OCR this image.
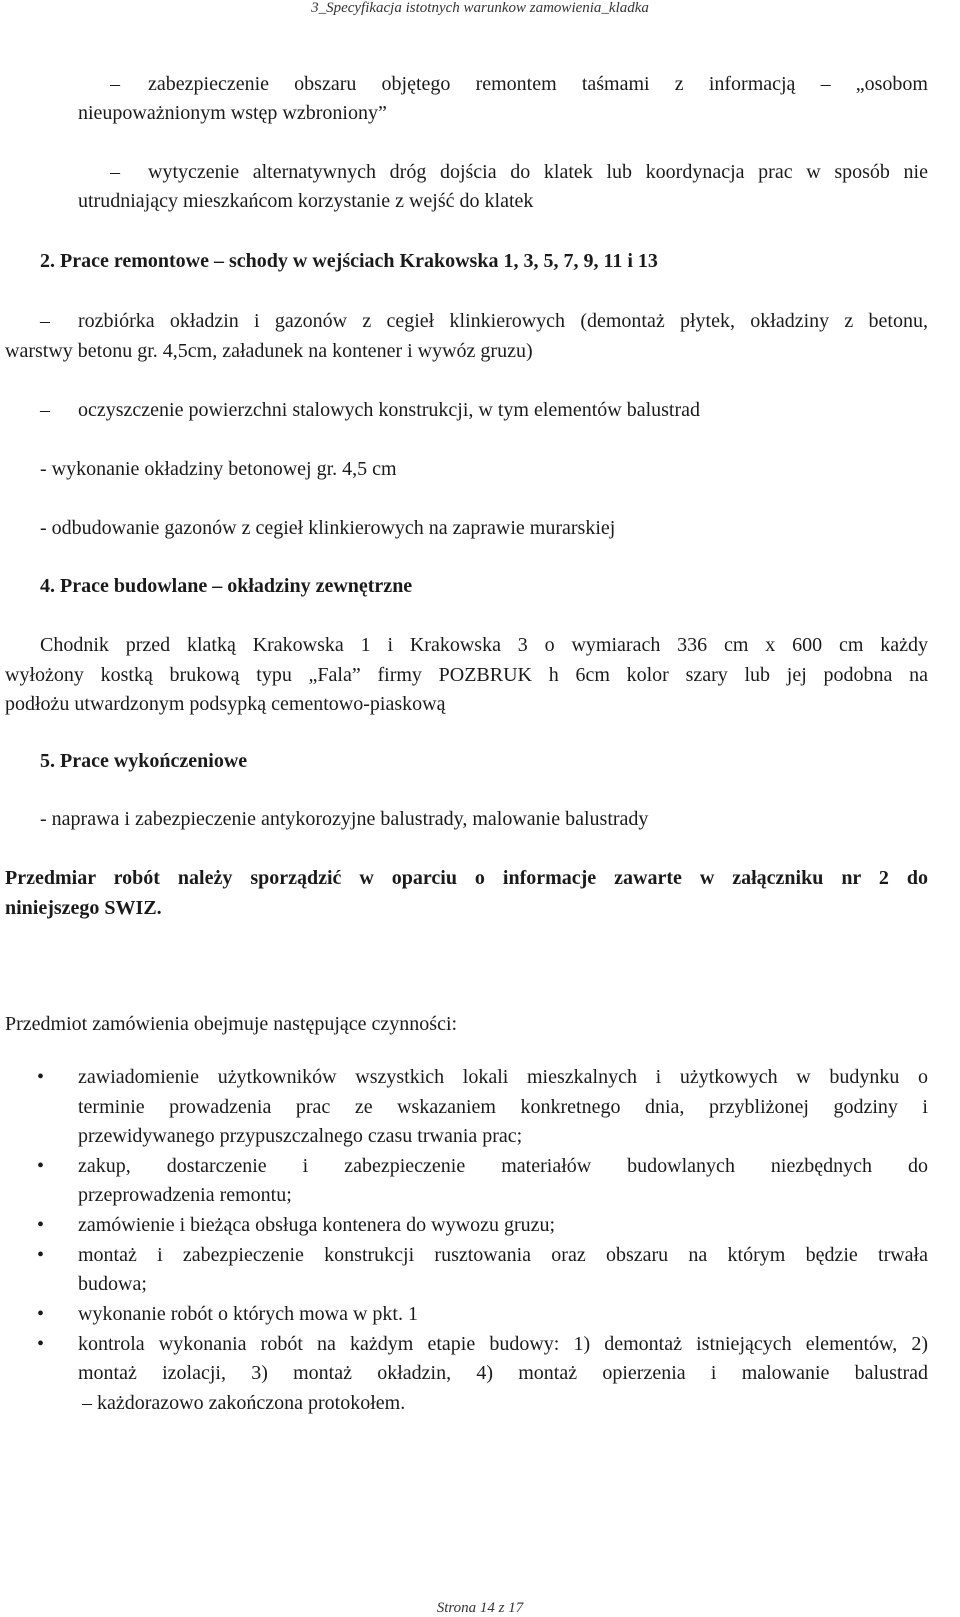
3_Specyfikacja istotnych warunkow zamowienia_kladka
– zabezpieczenie obszaru objętego remontem taśmami z informacją – „osobom
nieupoważnionym wstęp wzbroniony”
– wytyczenie alternatywnych dróg dojścia do klatek lub koordynacja prac w sposób nie
utrudniający mieszkańcom korzystanie z wejść do klatek
2. Prace remontowe – schody w wejściach Krakowska 1, 3, 5, 7, 9, 11 i 13
– rozbiórka okładzin i gazonów z cegieł klinkierowych (demontaż płytek, okładziny z betonu,
warstwy betonu gr. 4,5cm, załadunek na kontener i wywóz gruzu)
– oczyszczenie powierzchni stalowych konstrukcji, w tym elementów balustrad
- wykonanie okładziny betonowej gr. 4,5 cm
- odbudowanie gazonów z cegieł klinkierowych na zaprawie murarskiej
4. Prace budowlane – okładziny zewnętrzne
Chodnik przed klatką Krakowska 1 i Krakowska 3 o wymiarach 336 cm x 600 cm każdy
wyłożony kostką brukową typu „Fala” firmy POZBRUK h 6cm kolor szary lub jej podobna na
podłożu utwardzonym podsypką cementowo-piaskową
5. Prace wykończeniowe
- naprawa i zabezpieczenie antykorozyjne balustrady, malowanie balustrady
Przedmiar robót należy sporządzić w oparciu o informacje zawarte w załączniku nr 2 do
niniejszego SWIZ.
Przedmiot zamówienia obejmuje następujące czynności:
• zawiadomienie użytkowników wszystkich lokali mieszkalnych i użytkowych w budynku o
terminie prowadzenia prac ze wskazaniem konkretnego dnia, przybliżonej godziny i
przewidywanego przypuszczalnego czasu trwania prac;
• zakup, dostarczenie i zabezpieczenie materiałów budowlanych niezbędnych do
przeprowadzenia remontu;
• zamówienie i bieżąca obsługa kontenera do wywozu gruzu;
• montaż i zabezpieczenie konstrukcji rusztowania oraz obszaru na którym będzie trwała
budowa;
• wykonanie robót o których mowa w pkt. 1
• kontrola wykonania robót na każdym etapie budowy: 1) demontaż istniejących elementów, 2)
montaż izolacji, 3) montaż okładzin, 4) montaż opierzenia i malowanie balustrad
– każdorazowo zakończona protokołem.
Strona 14 z 17
